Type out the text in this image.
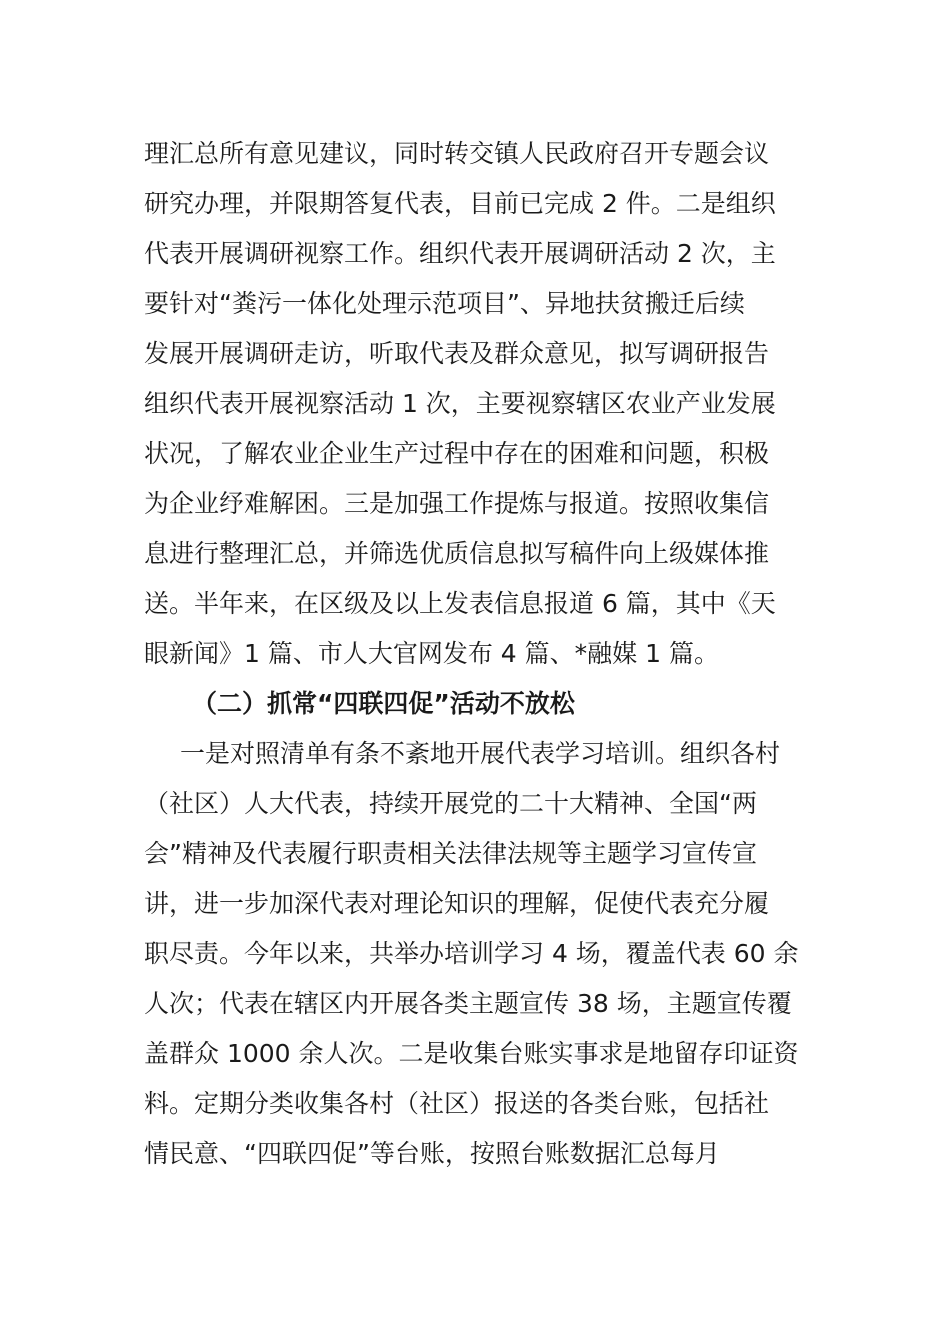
理汇总所有意见建议，同时转交镇人民政府召开专题会议
研究办理，并限期答复代表，目前已完成 2 件。二是组织
代表开展调研视察工作。组织代表开展调研活动 2 次，主
要针对“粪污一体化处理示范项目”、异地扶贫搬迁后续
发展开展调研走访，听取代表及群众意见，拟写调研报告
组织代表开展视察活动 1 次，主要视察辖区农业产业发展
状况，了解农业企业生产过程中存在的困难和问题，积极
为企业纾难解困。三是加强工作提炼与报道。按照收集信
息进行整理汇总，并筛选优质信息拟写稿件向上级媒体推
送。半年来，在区级及以上发表信息报道 6 篇，其中《天
眼新闻》1 篇、市人大官网发布 4 篇、*融媒 1 篇。
（二）抓常“四联四促”活动不放松
一是对照清单有条不紊地开展代表学习培训。组织各村
（社区）人大代表，持续开展党的二十大精神、全国“两
会”精神及代表履行职责相关法律法规等主题学习宣传宣
讲，进一步加深代表对理论知识的理解，促使代表充分履
职尽责。今年以来，共举办培训学习 4 场，覆盖代表 60 余
人次；代表在辖区内开展各类主题宣传 38 场，主题宣传覆
盖群众 1000 余人次。二是收集台账实事求是地留存印证资
料。定期分类收集各村（社区）报送的各类台账，包括社
情民意、“四联四促”等台账，按照台账数据汇总每月
